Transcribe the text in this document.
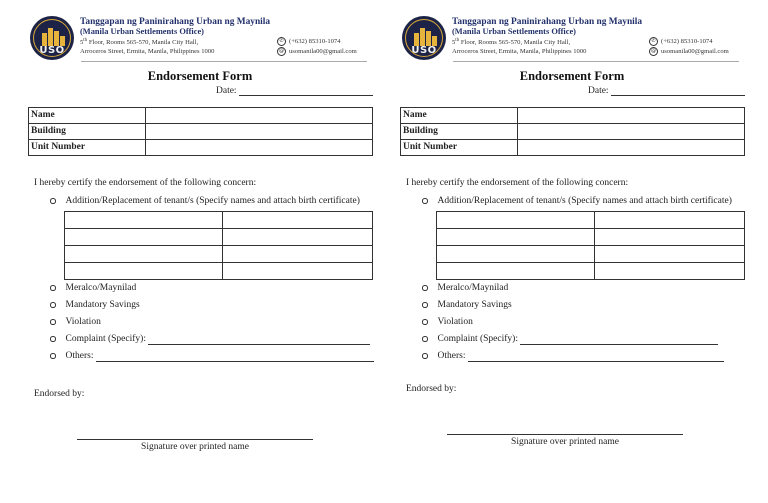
USO
Tanggapan ng Paninirahang Urban ng Maynila
(Manila Urban Settlements Office)
5th Floor, Rooms 565-570, Manila City Hall,
Arroceros Street, Ermita, Manila, Philippines 1000
✆ (+632) 85310-1074
@ usomanila00@gmail.com
Endorsement Form
Date:
Name	
Building	
Unit Number	
I hereby certify the endorsement of the following concern:
Addition/Replacement of tenant/s (Specify names and attach birth certificate)

Meralco/Maynilad
Mandatory Savings
Violation
Complaint (Specify):
Others:
Endorsed by:
Signature over printed name
USO
Tanggapan ng Paninirahang Urban ng Maynila
(Manila Urban Settlements Office)
5th Floor, Rooms 565-570, Manila City Hall,
Arroceros Street, Ermita, Manila, Philippines 1000
✆ (+632) 85310-1074
@ usomanila00@gmail.com
Endorsement Form
Date:
Name	
Building	
Unit Number	
I hereby certify the endorsement of the following concern:
Addition/Replacement of tenant/s (Specify names and attach birth certificate)

Meralco/Maynilad
Mandatory Savings
Violation
Complaint (Specify):
Others:
Endorsed by:
Signature over printed name
